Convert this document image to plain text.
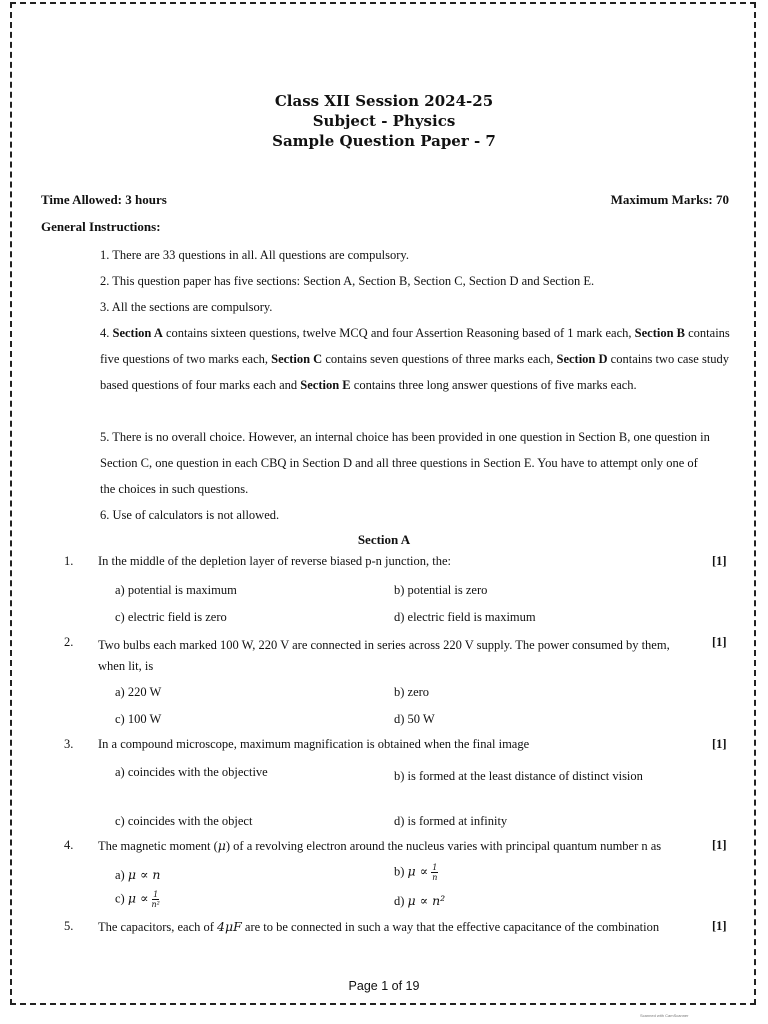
Class XII Session 2024-25
Subject - Physics
Sample Question Paper - 7
Time Allowed: 3 hours	Maximum Marks: 70
General Instructions:
1. There are 33 questions in all. All questions are compulsory.
2. This question paper has five sections: Section A, Section B, Section C, Section D and Section E.
3. All the sections are compulsory.
4. Section A contains sixteen questions, twelve MCQ and four Assertion Reasoning based of 1 mark each, Section B contains five questions of two marks each, Section C contains seven questions of three marks each, Section D contains two case study based questions of four marks each and Section E contains three long answer questions of five marks each.
5. There is no overall choice. However, an internal choice has been provided in one question in Section B, one question in Section C, one question in each CBQ in Section D and all three questions in Section E. You have to attempt only one of the choices in such questions.
6. Use of calculators is not allowed.
Section A
1. In the middle of the depletion layer of reverse biased p-n junction, the:	[1]
a) potential is maximum	b) potential is zero
c) electric field is zero	d) electric field is maximum
2. Two bulbs each marked 100 W, 220 V are connected in series across 220 V supply. The power consumed by them, when lit, is
[1]
a) 220 W	b) zero
c) 100 W	d) 50 W
3. In a compound microscope, maximum magnification is obtained when the final image	[1]
a) coincides with the objective	b) is formed at the least distance of distinct vision
c) coincides with the object	d) is formed at infinity
4. The magnetic moment (μ) of a revolving electron around the nucleus varies with principal quantum number n as	[1]
a) μ ∝ n	b) $\mu \propto \frac{1}{n}$
c) $\mu \propto \frac{1}{\text{n²}}$	d) μ ∝ n²
5. The capacitors, each of 4μF are to be connected in such a way that the effective capacitance of the combination	[1]
Page 1 of 19
Scanned with CamScanner
